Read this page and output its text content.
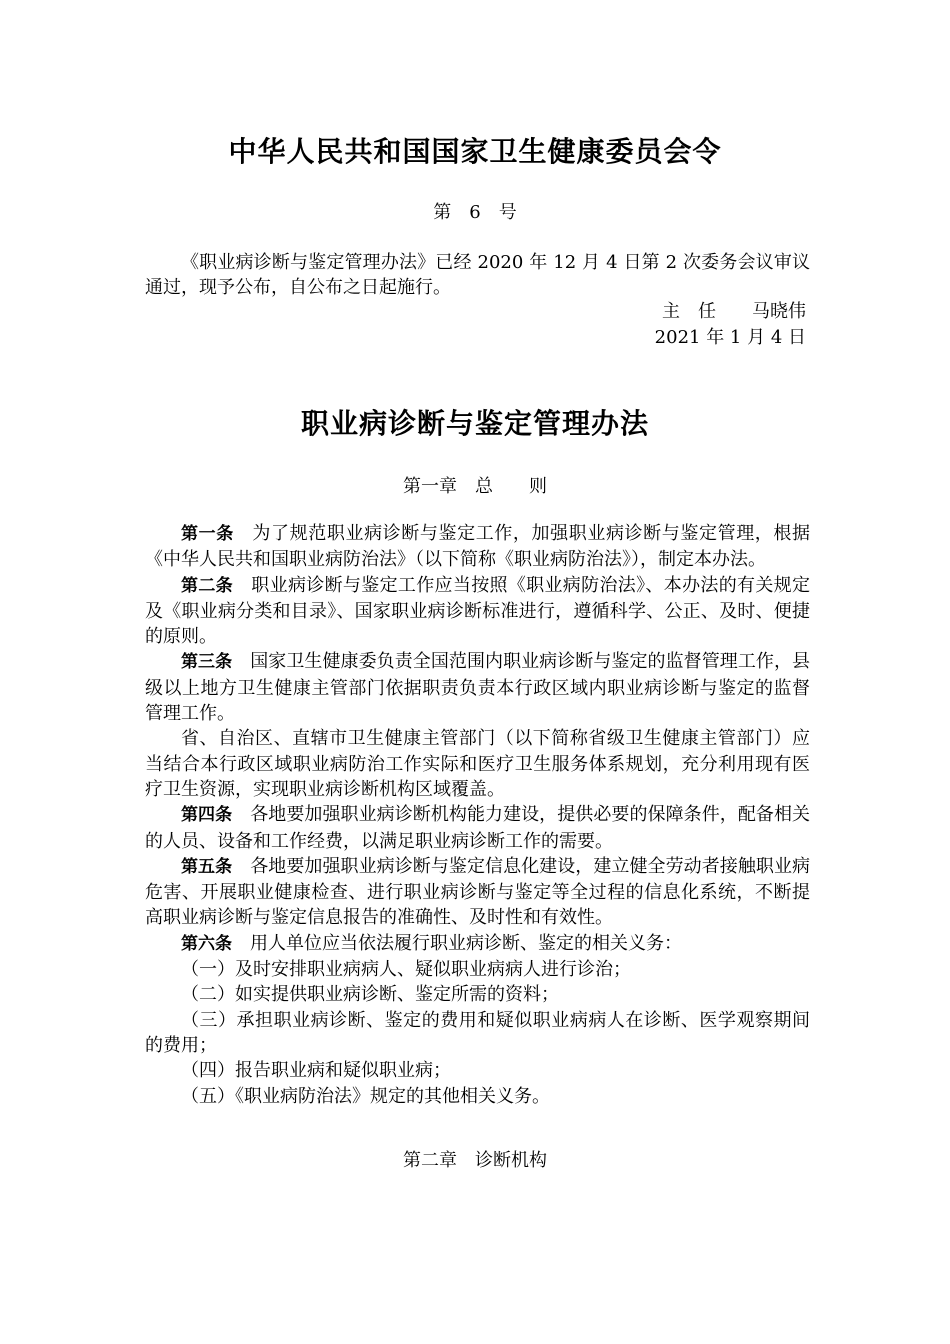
中华人民共和国国家卫生健康委员会令
第　6　号

《职业病诊断与鉴定管理办法》已经 2020 年 12 月 4 日第 2 次委务会议审议通过，现予公布，自公布之日起施行。

主　任　　马晓伟
2021 年 1 月 4 日
职业病诊断与鉴定管理办法
第一章　总　　则

第一条　为了规范职业病诊断与鉴定工作，加强职业病诊断与鉴定管理，根据《中华人民共和国职业病防治法》（以下简称《职业病防治法》），制定本办法。

第二条　职业病诊断与鉴定工作应当按照《职业病防治法》、本办法的有关规定及《职业病分类和目录》、国家职业病诊断标准进行，遵循科学、公正、及时、便捷的原则。

第三条　国家卫生健康委负责全国范围内职业病诊断与鉴定的监督管理工作，县级以上地方卫生健康主管部门依据职责负责本行政区域内职业病诊断与鉴定的监督管理工作。

省、自治区、直辖市卫生健康主管部门（以下简称省级卫生健康主管部门）应当结合本行政区域职业病防治工作实际和医疗卫生服务体系规划，充分利用现有医疗卫生资源，实现职业病诊断机构区域覆盖。

第四条　各地要加强职业病诊断机构能力建设，提供必要的保障条件，配备相关的人员、设备和工作经费，以满足职业病诊断工作的需要。

第五条　各地要加强职业病诊断与鉴定信息化建设，建立健全劳动者接触职业病危害、开展职业健康检查、进行职业病诊断与鉴定等全过程的信息化系统，不断提高职业病诊断与鉴定信息报告的准确性、及时性和有效性。

第六条　用人单位应当依法履行职业病诊断、鉴定的相关义务：

（一）及时安排职业病病人、疑似职业病病人进行诊治；

（二）如实提供职业病诊断、鉴定所需的资料；

（三）承担职业病诊断、鉴定的费用和疑似职业病病人在诊断、医学观察期间的费用；

（四）报告职业病和疑似职业病；

（五）《职业病防治法》规定的其他相关义务。

第二章　诊断机构
